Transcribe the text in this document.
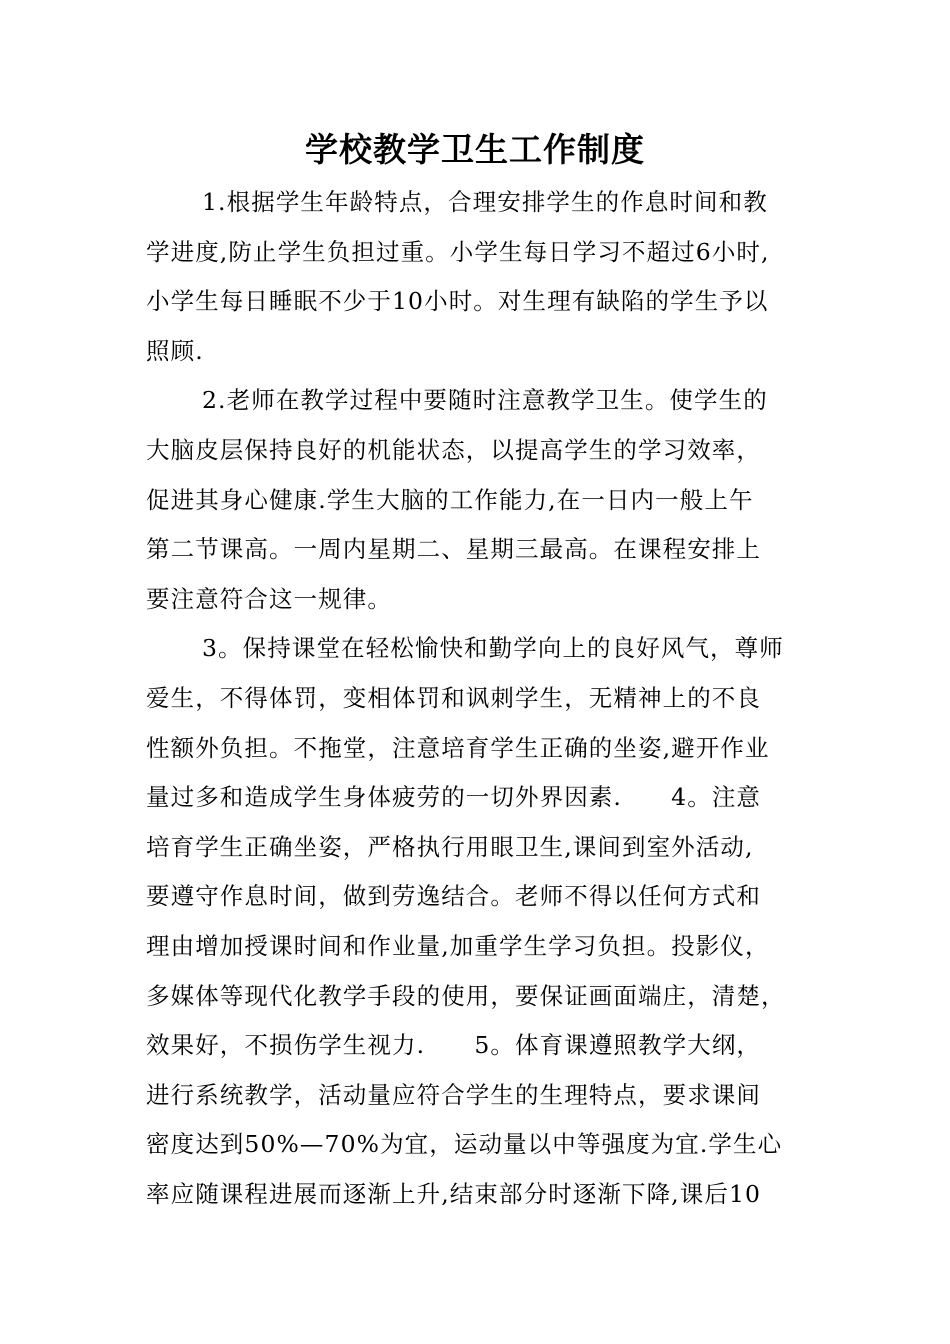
学校教学卫生工作制度
1.根据学生年龄特点，合理安排学生的作息时间和教
学进度,防止学生负担过重。小学生每日学习不超过6小时,
小学生每日睡眠不少于10小时。对生理有缺陷的学生予以
照顾.
2.老师在教学过程中要随时注意教学卫生。使学生的
大脑皮层保持良好的机能状态，以提高学生的学习效率，
促进其身心健康.学生大脑的工作能力,在一日内一般上午
第二节课高。一周内星期二、星期三最高。在课程安排上
要注意符合这一规律。
3。保持课堂在轻松愉快和勤学向上的良好风气，尊师
爱生，不得体罚，变相体罚和讽刺学生，无精神上的不良
性额外负担。不拖堂，注意培育学生正确的坐姿,避开作业
量过多和造成学生身体疲劳的一切外界因素.　　4。注意
培育学生正确坐姿，严格执行用眼卫生,课间到室外活动,
要遵守作息时间，做到劳逸结合。老师不得以任何方式和
理由增加授课时间和作业量,加重学生学习负担。投影仪，
多媒体等现代化教学手段的使用，要保证画面端庄，清楚，
效果好，不损伤学生视力.　　5。体育课遵照教学大纲，
进行系统教学，活动量应符合学生的生理特点，要求课间
密度达到50%—70%为宜，运动量以中等强度为宜.学生心
率应随课程进展而逐渐上升,结束部分时逐渐下降,课后10
